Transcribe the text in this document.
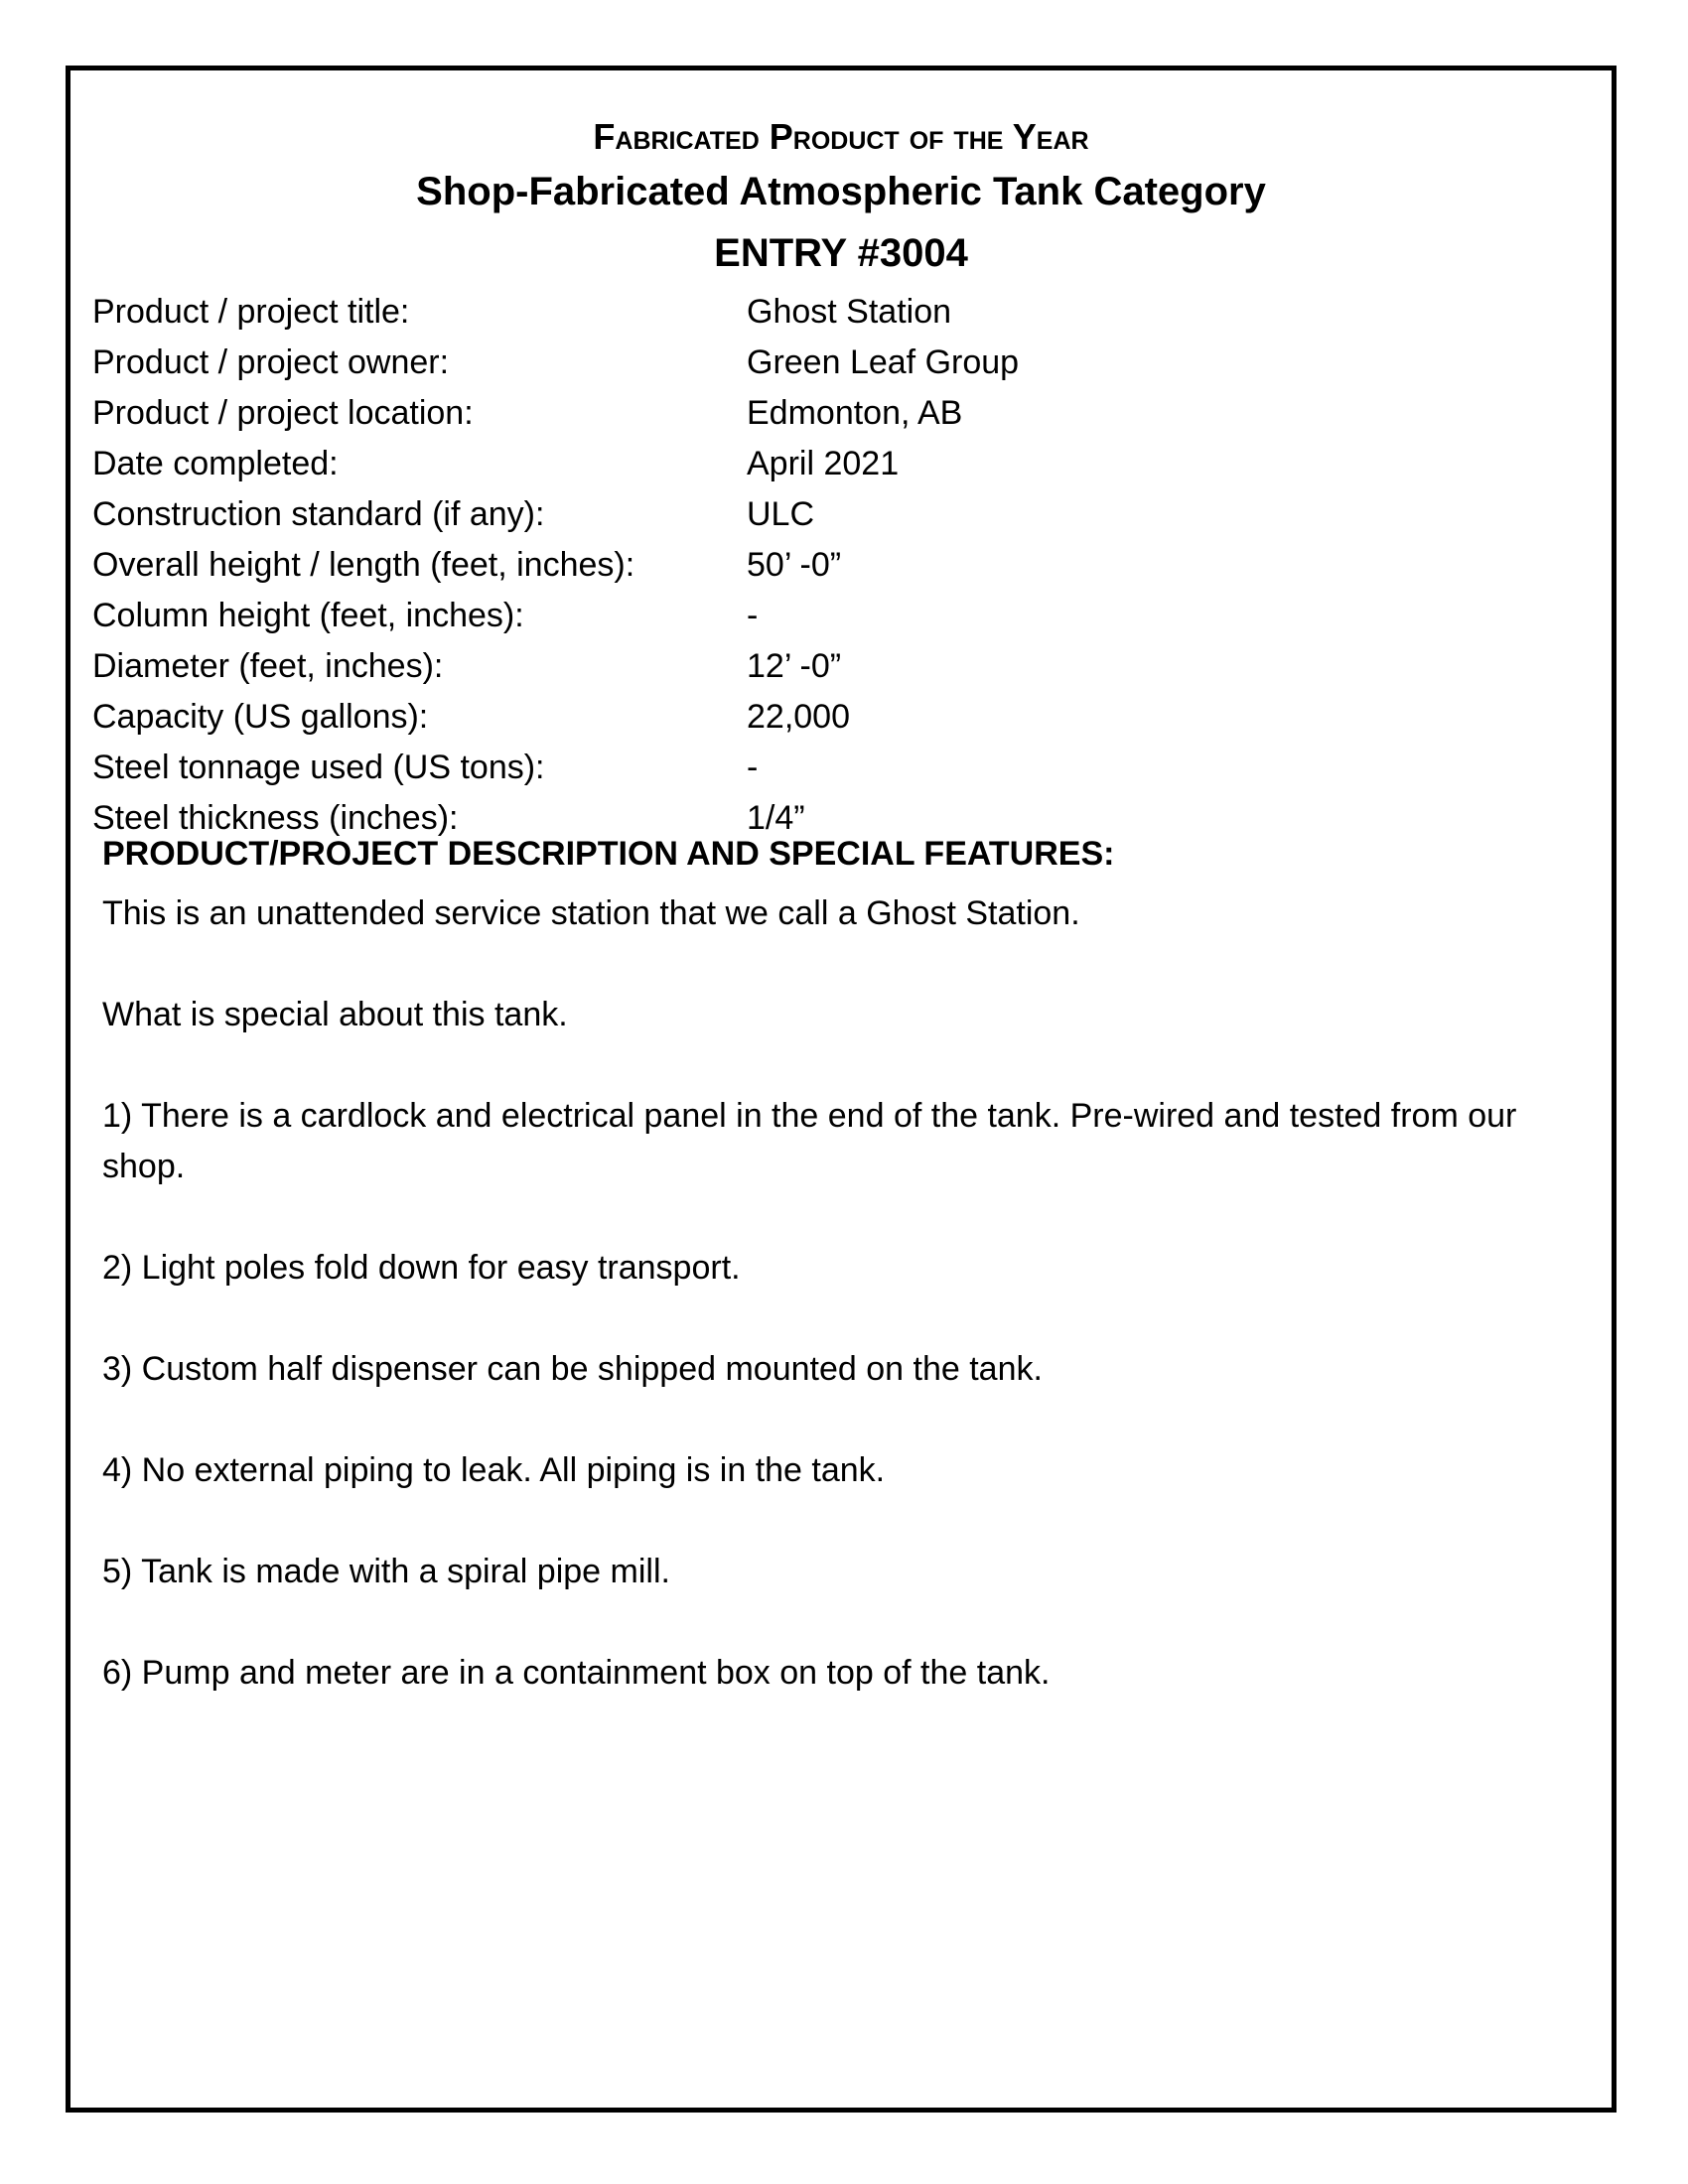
Fabricated Product of the Year
Shop-Fabricated Atmospheric Tank Category
ENTRY #3004
Product / project title:	Ghost Station
Product / project owner:	Green Leaf Group
Product / project location:	Edmonton, AB
Date completed:	April 2021
Construction standard (if any):	ULC
Overall height / length (feet, inches):	50’ -0”
Column height (feet, inches):	-
Diameter (feet, inches):	12’ -0”
Capacity (US gallons):	22,000
Steel tonnage used (US tons):	-
Steel thickness (inches):	1/4”
PRODUCT/PROJECT DESCRIPTION AND SPECIAL FEATURES:

This is an unattended service station that we call a Ghost Station.

What is special about this tank.

1) There is a cardlock and electrical panel in the end of the tank. Pre-wired and tested from our shop.

2) Light poles fold down for easy transport.

3) Custom half dispenser can be shipped mounted on the tank.

4) No external piping to leak. All piping is in the tank.

5) Tank is made with a spiral pipe mill.

6) Pump and meter are in a containment box on top of the tank.
